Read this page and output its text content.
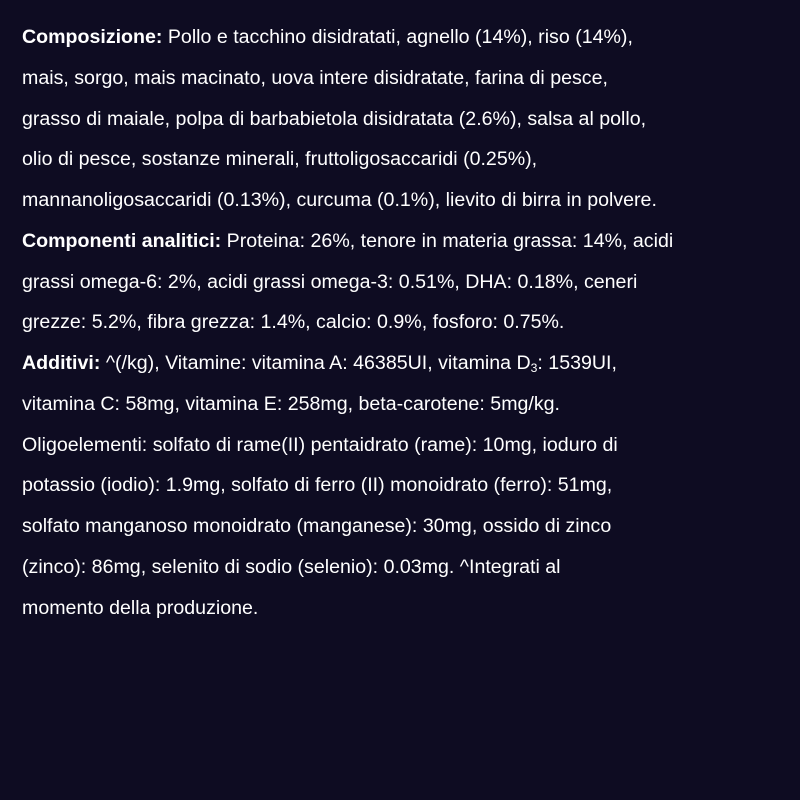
Composizione: Pollo e tacchino disidratati, agnello (14%), riso (14%),
mais, sorgo, mais macinato, uova intere disidratate, farina di pesce,
grasso di maiale, polpa di barbabietola disidratata (2.6%), salsa al pollo,
olio di pesce, sostanze minerali, fruttoligosaccaridi (0.25%),
mannanoligosaccaridi (0.13%), curcuma (0.1%), lievito di birra in polvere.
Componenti analitici: Proteina: 26%, tenore in materia grassa: 14%, acidi
grassi omega-6: 2%, acidi grassi omega-3: 0.51%, DHA: 0.18%, ceneri
grezze: 5.2%, fibra grezza: 1.4%, calcio: 0.9%, fosforo: 0.75%.
Additivi: ^(/kg), Vitamine: vitamina A: 46385UI, vitamina $D_3$: 1539UI,
vitamina C: 58mg, vitamina E: 258mg, beta-carotene: 5mg/kg.
Oligoelementi: solfato di rame(II) pentaidrato (rame): 10mg, ioduro di
potassio (iodio): 1.9mg, solfato di ferro (II) monoidrato (ferro): 51mg,
solfato manganoso monoidrato (manganese): 30mg, ossido di zinco
(zinco): 86mg, selenito di sodio (selenio): 0.03mg. ^Integrati al
momento della produzione.
